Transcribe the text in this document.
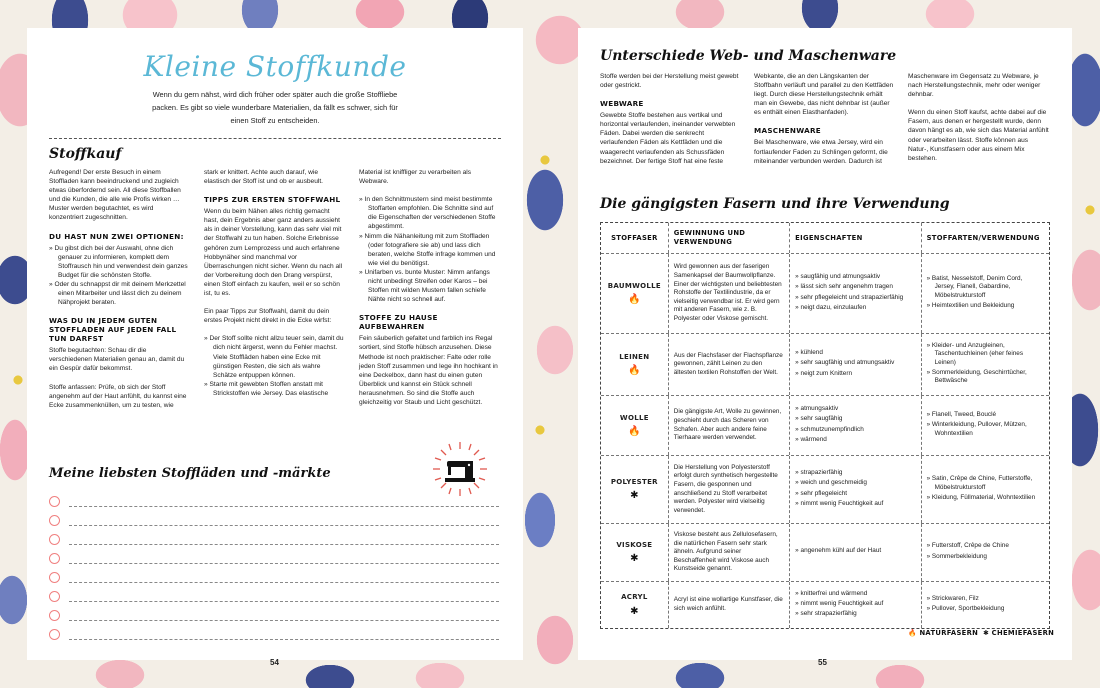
Kleine Stoffkunde
Wenn du gern nähst, wird dich früher oder später auch die große Stoffliebe packen. Es gibt so viele wunderbare Materialien, da fällt es schwer, sich für einen Stoff zu entscheiden.
Stoffkauf

Aufregend! Der erste Besuch in einem Stoffladen kann beeindruckend und zugleich etwas überfordernd sein. All diese Stoffballen und die Kunden, die alle wie Profis wirken … Muster werden begutachtet, es wird konzentriert zugeschnitten.

DU HAST NUN ZWEI OPTIONEN:
» Du gibst dich bei der Auswahl, ohne dich genauer zu informieren, komplett dem Stoffrausch hin und verwendest dein ganzes Budget für die schönsten Stoffe.
» Oder du schnappst dir mit deinem Merkzettel einen Mitarbeiter und lässt dich zu deinem Nähprojekt beraten.
WAS DU IN JEDEM GUTEN STOFFLADEN AUF JEDEN FALL TUN DARFST

Stoffe begutachten: Schau dir die verschiedenen Materialien genau an, damit du ein Gespür dafür bekommst.

Stoffe anfassen: Prüfe, ob sich der Stoff angenehm auf der Haut anfühlt, du kannst eine Ecke zusammenknüllen, um zu testen, wie

stark er knittert. Achte auch darauf, wie elastisch der Stoff ist und ob er ausbeult.

TIPPS ZUR ERSTEN STOFFWAHL

Wenn du beim Nähen alles richtig gemacht hast, dein Ergebnis aber ganz anders aussieht als in deiner Vorstellung, kann das sehr viel mit der Stoffwahl zu tun haben. Solche Erlebnisse gehören zum Lernprozess und auch erfahrene Hobbynäher sind manchmal vor Überraschungen nicht sicher. Wenn du nach all der Vorbereitung doch den Drang verspürst, einen Stoff einfach zu kaufen, weil er so schön ist, tu es.

Ein paar Tipps zur Stoffwahl, damit du dein erstes Projekt nicht direkt in die Ecke wirfst:

» Der Stoff sollte nicht allzu teuer sein, damit du dich nicht ärgerst, wenn du Fehler machst. Viele Stoffläden haben eine Ecke mit günstigen Resten, die sich als wahre Schätze entpuppen können.
» Starte mit gewebten Stoffen anstatt mit Strickstoffen wie Jersey. Das elastische

Material ist kniffliger zu verarbeiten als Webware.

» In den Schnittmustern sind meist bestimmte Stoffarten empfohlen. Die Schnitte sind auf die Eigenschaften der verschiedenen Stoffe abgestimmt.
» Nimm die Nähanleitung mit zum Stoffladen (oder fotografiere sie ab) und lass dich beraten, welche Stoffe infrage kommen und wie viel du benötigst.
» Unifarben vs. bunte Muster: Nimm anfangs nicht unbedingt Streifen oder Karos – bei Stoffen mit wilden Mustern fallen schiefe Nähte nicht so schnell auf.
STOFFE ZU HAUSE AUFBEWAHREN

Fein säuberlich gefaltet und farblich ins Regal sortiert, sind Stoffe hübsch anzusehen. Diese Methode ist noch praktischer: Falte oder rolle jeden Stoff zusammen und lege ihn hochkant in eine Deckelbox, dann hast du einen guten Überblick und kannst ein Stück schnell herausnehmen. So sind die Stoffe auch gleichzeitig vor Staub und Licht geschützt.

Meine liebsten Stoffläden und -märkte
54
Unterschiede Web- und Maschenware

Stoffe werden bei der Herstellung meist gewebt oder gestrickt.

WEBWARE

Gewebte Stoffe bestehen aus vertikal und horizontal verlaufenden, ineinander verwebten Fäden. Dabei werden die senkrecht verlaufenden Fäden als Kettfäden und die waagerecht verlaufenden als Schussfäden bezeichnet. Der fertige Stoff hat eine feste

Webkante, die an den Längskanten der Stoffbahn verläuft und parallel zu den Kettfäden liegt. Durch diese Herstellungstechnik erhält man ein Gewebe, das nicht dehnbar ist (außer es enthält einen Elasthanfaden).

MASCHENWARE

Bei Maschenware, wie etwa Jersey, wird ein fortlaufender Faden zu Schlingen geformt, die miteinander verbunden werden. Dadurch ist

Maschenware im Gegensatz zu Webware, je nach Herstellungstechnik, mehr oder weniger dehnbar.

Wenn du einen Stoff kaufst, achte dabei auf die Fasern, aus denen er hergestellt wurde, denn davon hängt es ab, wie sich das Material anfühlt oder verarbeiten lässt. Stoffe können aus Natur-, Kunstfasern oder aus einem Mix bestehen.

Die gängigsten Fasern und ihre Verwendung
STOFFASER
GEWINNUNG UND VERWENDUNG
EIGENSCHAFTEN	STOFFARTEN/VERWENDUNG
BAUMWOLLE
🔥
Wird gewonnen aus der faserigen Samenkapsel der Baumwollpflanze. Einer der wichtigsten und beliebtesten Rohstoffe der Textilindustrie, da er vielseitig verwendbar ist. Er wird gern mit anderen Fasern, wie z. B. Polyester oder Viskose gemischt.
» saugfähig und atmungsaktiv
» lässt sich sehr angenehm tragen
» sehr pflegeleicht und strapazierfähig
» neigt dazu, einzulaufen
» Batist, Nesselstoff, Denim Cord, Jersey, Flanell, Gabardine, Möbelstrukturstoff
» Heimtextilien und Bekleidung
LEINEN
🔥
Aus der Flachsfaser der Flachspflanze gewonnen, zählt Leinen zu den ältesten textilen Rohstoffen der Welt.
» kühlend
» sehr saugfähig und atmungsaktiv
» neigt zum Knittern
» Kleider- und Anzugleinen, Taschentuchleinen (eher feines Leinen)
» Sommerkleidung, Geschirrtücher, Bettwäsche
WOLLE
🔥
Die gängigste Art, Wolle zu gewinnen, geschieht durch das Scheren von Schafen. Aber auch andere feine Tierhaare werden verwendet.
» atmungsaktiv
» sehr saugfähig
» schmutzunempfindlich
» wärmend
» Flanell, Tweed, Bouclé
» Winterkleidung, Pullover, Mützen, Wohntextilien
POLYESTER
✱
Die Herstellung von Polyesterstoff erfolgt durch synthetisch hergestellte Fasern, die gesponnen und anschließend zu Stoff verarbeitet werden. Polyester wird vielseitig verwendet.
» strapazierfähig
» weich und geschmeidig
» sehr pflegeleicht
» nimmt wenig Feuchtigkeit auf
» Satin, Crêpe de Chine, Futterstoffe, Möbelstrukturstoff
» Kleidung, Füllmaterial, Wohntextilien
VISKOSE
✱
Viskose besteht aus Zellulosefasern, die natürlichen Fasern sehr stark ähneln. Aufgrund seiner Beschaffenheit wird Viskose auch Kunstseide genannt.
» angenehm kühl auf der Haut
» Futterstoff, Crêpe de Chine
» Sommerbekleidung
ACRYL
✱
Acryl ist eine wollartige Kunstfaser, die sich weich anfühlt.
» knitterfrei und wärmend
» nimmt wenig Feuchtigkeit auf
» sehr strapazierfähig
» Strickwaren, Filz
» Pullover, Sportbekleidung
🔥 NATURFASERN ✱ CHEMIEFASERN
55
